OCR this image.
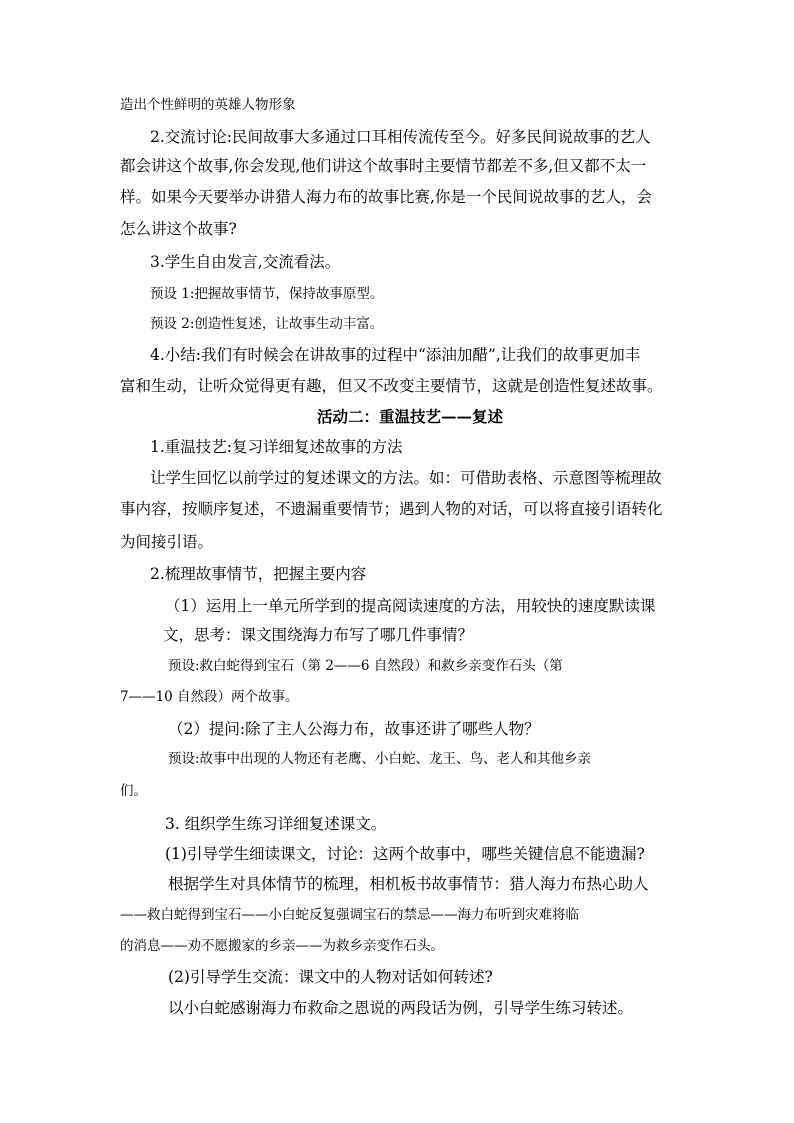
造出个性鲜明的英雄人物形象
2.交流讨论:民间故事大多通过口耳相传流传至今。好多民间说故事的艺人
都会讲这个故事,你会发现,他们讲这个故事时主要情节都差不多,但又都不太一
样。如果今天要举办讲猎人海力布的故事比赛,你是一个民间说故事的艺人，会
怎么讲这个故事?
3.学生自由发言,交流看法。
预设 1:把握故事情节，保持故事原型。
预设 2:创造性复述，让故事生动丰富。
4.小结:我们有时候会在讲故事的过程中“添油加醋”,让我们的故事更加丰
富和生动，让听众觉得更有趣，但又不改变主要情节，这就是创造性复述故事。
活动二：重温技艺——复述
1.重温技艺:复习详细复述故事的方法
让学生回忆以前学过的复述课文的方法。如：可借助表格、示意图等梳理故
事内容，按顺序复述，不遗漏重要情节；遇到人物的对话，可以将直接引语转化
为间接引语。
2.梳理故事情节，把握主要内容
（1）运用上一单元所学到的提高阅读速度的方法，用较快的速度默读课
文，思考：课文围绕海力布写了哪几件事情？
预设:救白蛇得到宝石（第 2——6 自然段）和救乡亲变作石头（第
7——10 自然段）两个故事。
（2）提问:除了主人公海力布，故事还讲了哪些人物？
预设:故事中出现的人物还有老鹰、小白蛇、龙王、鸟、老人和其他乡亲
们。
3. 组织学生练习详细复述课文。
(1)引导学生细读课文，讨论：这两个故事中，哪些关键信息不能遗漏?
根据学生对具体情节的梳理，相机板书故事情节：猎人海力布热心助人
——救白蛇得到宝石——小白蛇反复强调宝石的禁忌——海力布听到灾难将临
的消息——劝不愿搬家的乡亲——为救乡亲变作石头。
(2)引导学生交流：课文中的人物对话如何转述?
以小白蛇感谢海力布救命之恩说的两段话为例，引导学生练习转述。
